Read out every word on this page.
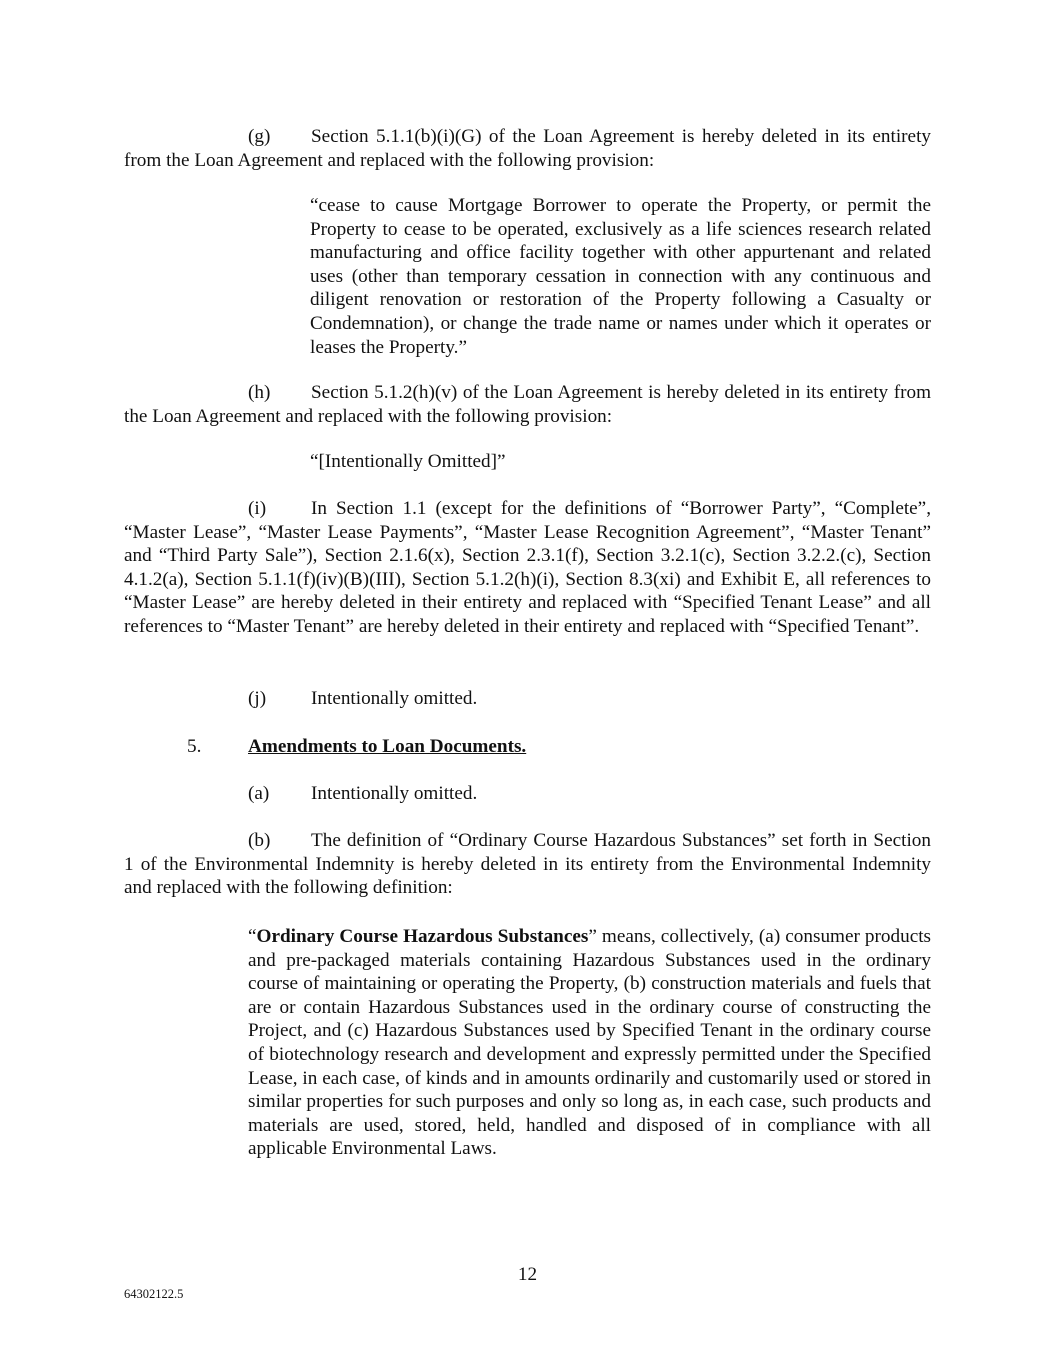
(g) Section 5.1.1(b)(i)(G) of the Loan Agreement is hereby deleted in its entirety from the Loan Agreement and replaced with the following provision:

“cease to cause Mortgage Borrower to operate the Property, or permit the Property to cease to be operated, exclusively as a life sciences research related manufacturing and office facility together with other appurtenant and related uses (other than temporary cessation in connection with any continuous and diligent renovation or restoration of the Property following a Casualty or Condemnation), or change the trade name or names under which it operates or leases the Property.”

(h) Section 5.1.2(h)(v) of the Loan Agreement is hereby deleted in its entirety from the Loan Agreement and replaced with the following provision:

“[Intentionally Omitted]”

(i) In Section 1.1 (except for the definitions of “Borrower Party”, “Complete”, “Master Lease”, “Master Lease Payments”, “Master Lease Recognition Agreement”, “Master Tenant” and “Third Party Sale”), Section 2.1.6(x), Section 2.3.1(f), Section 3.2.1(c), Section 3.2.2.(c), Section 4.1.2(a), Section 5.1.1(f)(iv)(B)(III), Section 5.1.2(h)(i), Section 8.3(xi) and Exhibit E, all references to “Master Lease” are hereby deleted in their entirety and replaced with “Specified Tenant Lease” and all references to “Master Tenant” are hereby deleted in their entirety and replaced with “Specified Tenant”.

(j) Intentionally omitted.

5. Amendments to Loan Documents.

(a) Intentionally omitted.

(b) The definition of “Ordinary Course Hazardous Substances” set forth in Section 1 of the Environmental Indemnity is hereby deleted in its entirety from the Environmental Indemnity and replaced with the following definition:

“Ordinary Course Hazardous Substances” means, collectively, (a) consumer products and pre-packaged materials containing Hazardous Substances used in the ordinary course of maintaining or operating the Property, (b) construction materials and fuels that are or contain Hazardous Substances used in the ordinary course of constructing the Project, and (c) Hazardous Substances used by Specified Tenant in the ordinary course of biotechnology research and development and expressly permitted under the Specified Lease, in each case, of kinds and in amounts ordinarily and customarily used or stored in similar properties for such purposes and only so long as, in each case, such products and materials are used, stored, held, handled and disposed of in compliance with all applicable Environmental Laws.

12

64302122.5
